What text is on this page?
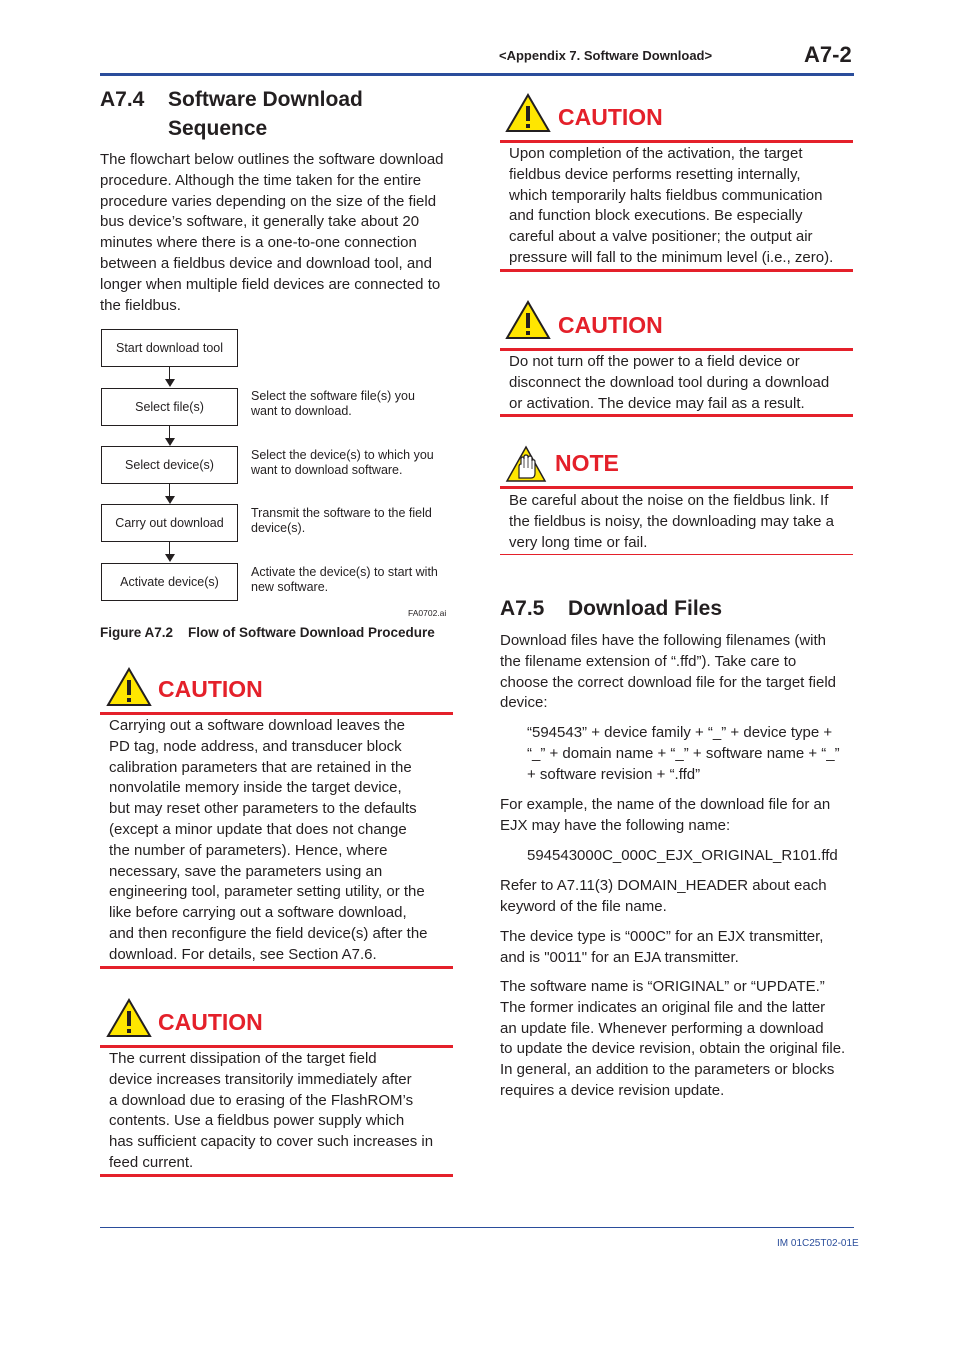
<Appendix 7. Software Download>	A7-2
A7.4 Software Download
Sequence
The flowchart below outlines the software download
procedure. Although the time taken for the entire
procedure varies depending on the size of the field
bus device’s software, it generally take about 20
minutes where there is a one-to-one connection
between a fieldbus device and download tool, and
longer when multiple field devices are connected to
the fieldbus.
Start download tool
Select file(s)
Select device(s)
Carry out download
Activate device(s)
Select the software file(s) you
want to download.
Select the device(s) to which you
want to download software.
Transmit the software to the field
device(s).
Activate the device(s) to start with
new software.
FA0702.ai
Figure A7.2    Flow of Software Download Procedure
CAUTION
Carrying out a software download leaves the
PD tag, node address, and transducer block
calibration parameters that are retained in the
nonvolatile memory inside the target device,
but may reset other parameters to the defaults
(except a minor update that does not change
the number of parameters). Hence, where
necessary, save the parameters using an
engineering tool, parameter setting utility, or the
like before carrying out a software download,
and then reconfigure the field device(s) after the
download. For details, see Section A7.6.
CAUTION
The current dissipation of the target field
device increases transitorily immediately after
a download due to erasing of the FlashROM’s
contents. Use a fieldbus power supply which
has sufficient capacity to cover such increases in
feed current.
CAUTION
Upon completion of the activation, the target
fieldbus device performs resetting internally,
which temporarily halts fieldbus communication
and function block executions. Be especially
careful about a valve positioner; the output air
pressure will fall to the minimum level (i.e., zero).
CAUTION
Do not turn off the power to a field device or
disconnect the download tool during a download
or activation. The device may fail as a result.
NOTE
Be careful about the noise on the fieldbus link. If
the fieldbus is noisy, the downloading may take a
very long time or fail.
A7.5 Download Files
Download files have the following filenames (with
the filename extension of “.ffd”). Take care to
choose the correct download file for the target field
device:
“594543” + device family + “_” + device type +
“_” + domain name + “_” + software name + “_”
+ software revision + “.ffd”
For example, the name of the download file for an
EJX may have the following name:
594543000C_000C_EJX_ORIGINAL_R101.ffd
Refer to A7.11(3) DOMAIN_HEADER about each
keyword of the file name.
The device type is “000C” for an EJX transmitter,
and is "0011" for an EJA transmitter.
The software name is “ORIGINAL” or “UPDATE.”
The former indicates an original file and the latter
an update file. Whenever performing a download
to update the device revision, obtain the original file.
In general, an addition to the parameters or blocks
requires a device revision update.
IM 01C25T02-01E
